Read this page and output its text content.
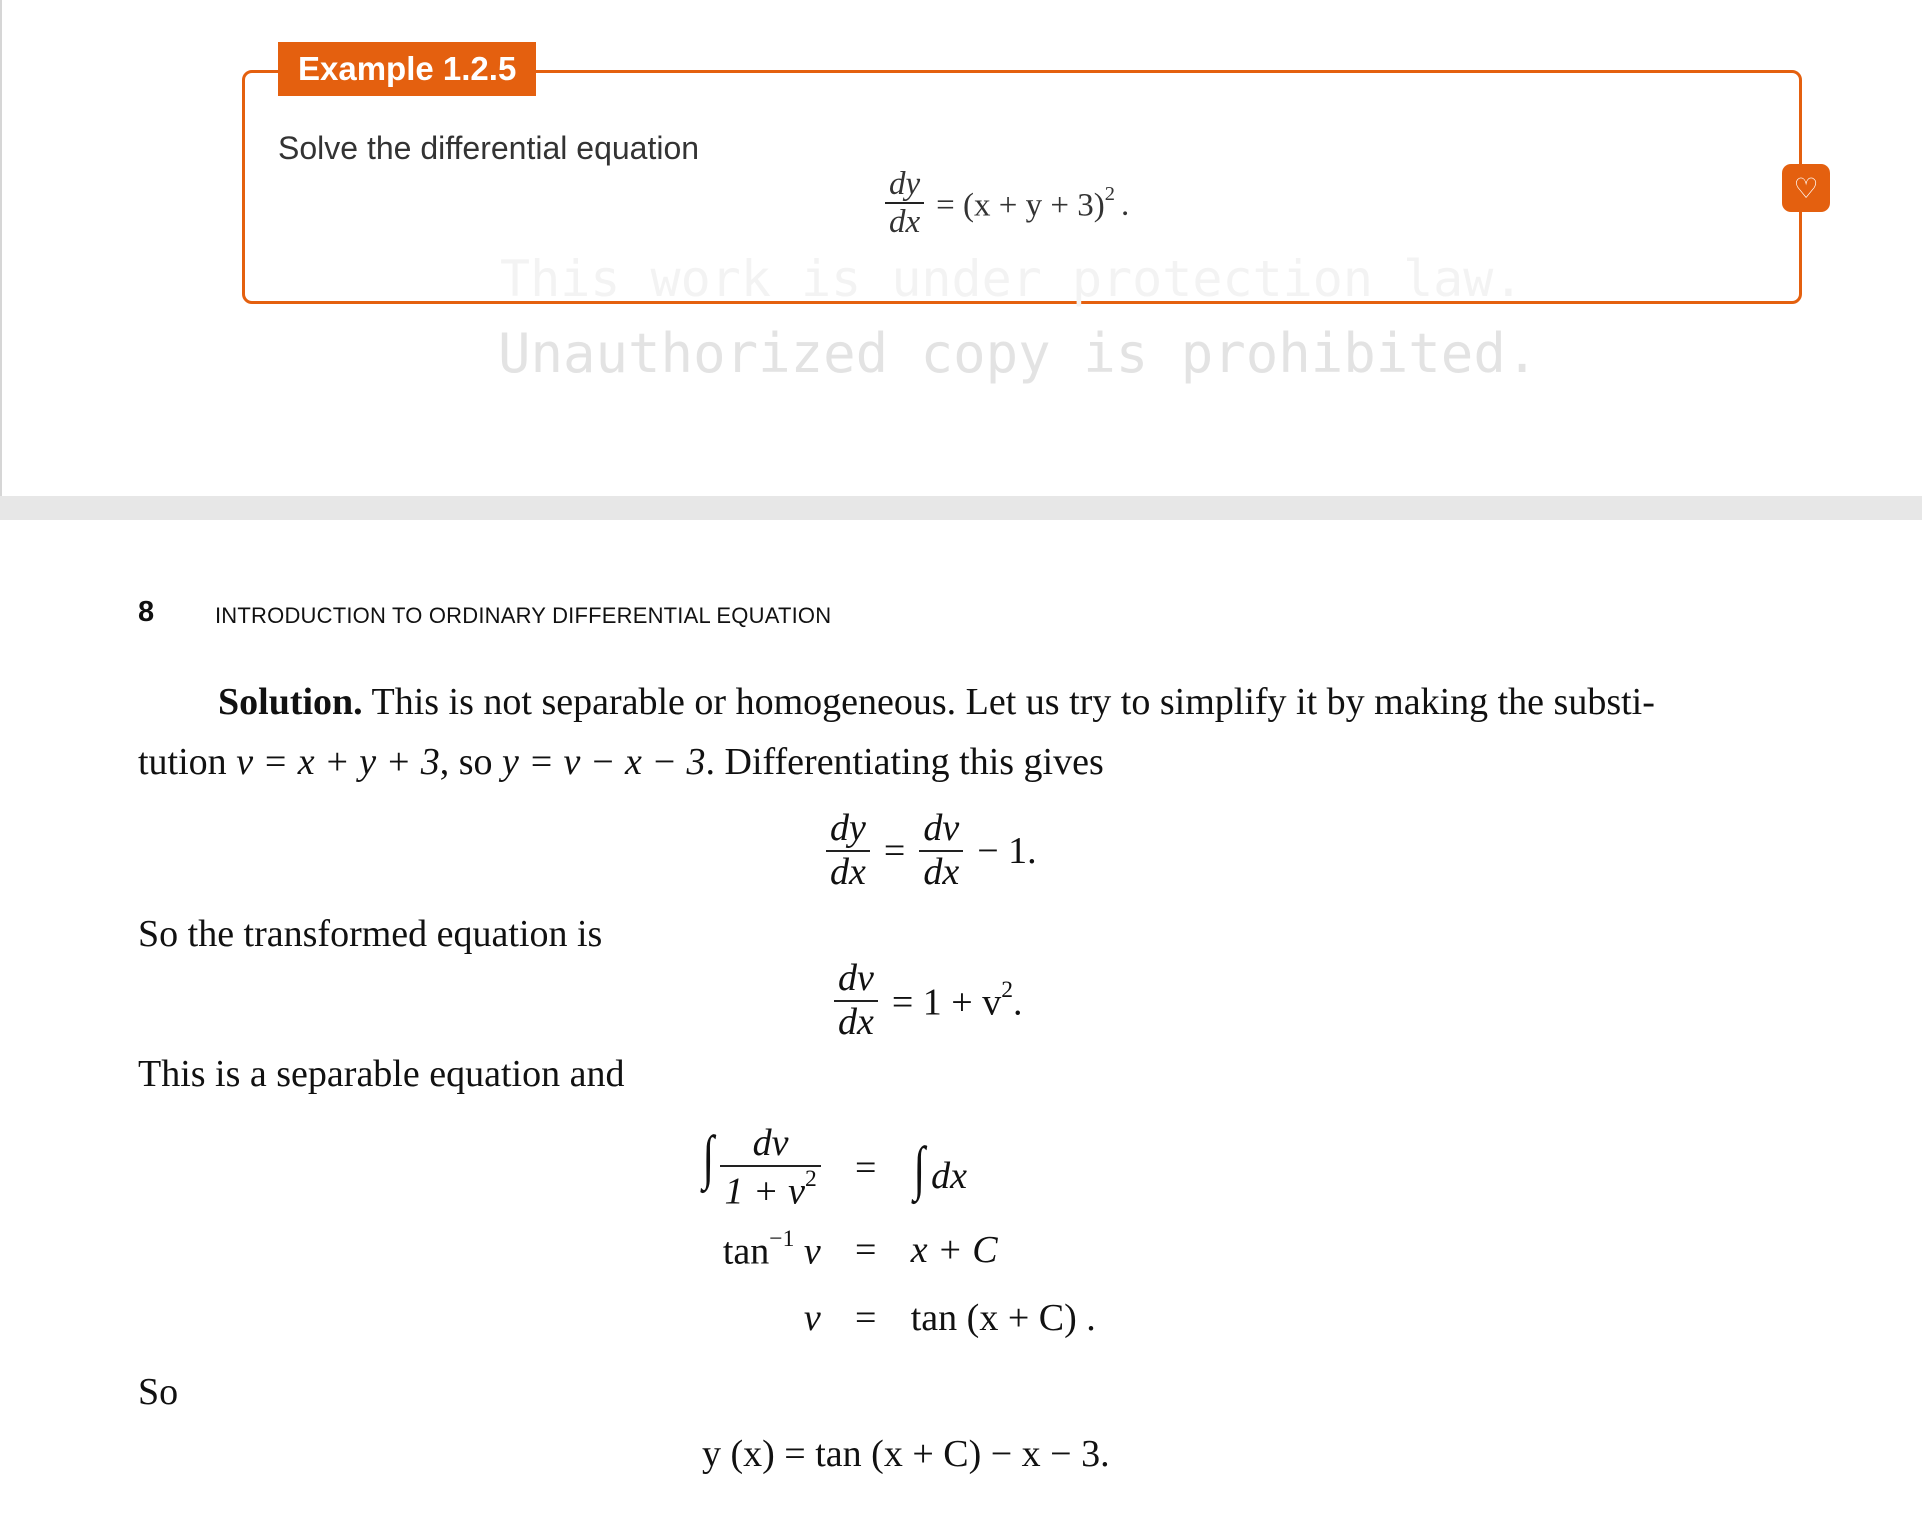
Example 1.2.5
Solve the differential equation
$\frac{dy}{dx} = (x + y + 3)^2$ .	♡
This work is under protection law.
Unauthorized copy is prohibited.
8	INTRODUCTION TO ORDINARY DIFFERENTIAL EQUATION
Solution. This is not separable or homogeneous. Let us try to simplify it by making the substi-
tution v = x + y + 3, so y = v − x − 3. Differentiating this gives
$\frac{dy}{dx} = \frac{dv}{dx} - 1$.
So the transformed equation is
$\frac{dv}{dx} = 1 + v^2$.
This is a separable equation and
∫ $\frac{dv}{1 + v^2}$	=	∫ dx
$\tan^{-1} v$	=	x + C
v	=	tan (x + C) .
So
y (x) = tan (x + C) − x − 3.
